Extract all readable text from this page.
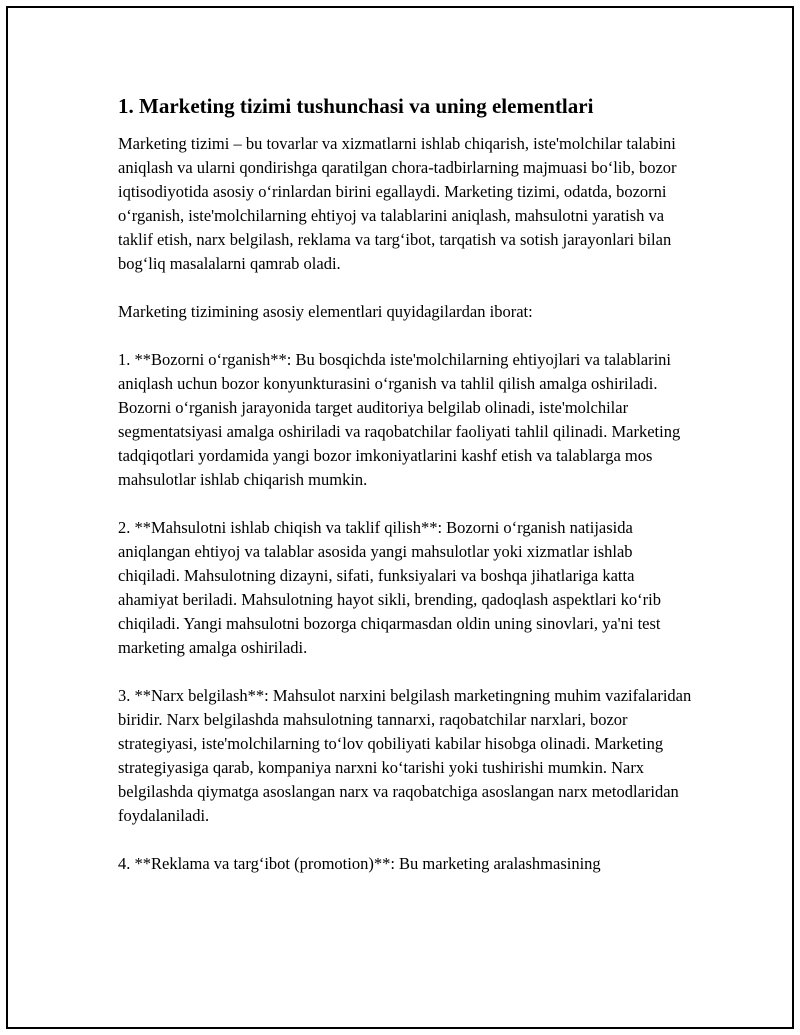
1. Marketing tizimi tushunchasi va uning elementlari

Marketing tizimi – bu tovarlar va xizmatlarni ishlab chiqarish, iste'molchilar talabini aniqlash va ularni qondirishga qaratilgan chora-tadbirlarning majmuasi boʻlib, bozor iqtisodiyotida asosiy oʻrinlardan birini egallaydi. Marketing tizimi, odatda, bozorni oʻrganish, iste'molchilarning ehtiyoj va talablarini aniqlash, mahsulotni yaratish va taklif etish, narx belgilash, reklama va targʻibot, tarqatish va sotish jarayonlari bilan bogʻliq masalalarni qamrab oladi.

Marketing tizimining asosiy elementlari quyidagilardan iborat:

1. **Bozorni oʻrganish**: Bu bosqichda iste'molchilarning ehtiyojlari va talablarini aniqlash uchun bozor konyunkturasini oʻrganish va tahlil qilish amalga oshiriladi. Bozorni oʻrganish jarayonida target auditoriya belgilab olinadi, iste'molchilar segmentatsiyasi amalga oshiriladi va raqobatchilar faoliyati tahlil qilinadi. Marketing tadqiqotlari yordamida yangi bozor imkoniyatlarini kashf etish va talablarga mos mahsulotlar ishlab chiqarish mumkin.

2. **Mahsulotni ishlab chiqish va taklif qilish**: Bozorni oʻrganish natijasida aniqlangan ehtiyoj va talablar asosida yangi mahsulotlar yoki xizmatlar ishlab chiqiladi. Mahsulotning dizayni, sifati, funksiyalari va boshqa jihatlariga katta ahamiyat beriladi. Mahsulotning hayot sikli, brending, qadoqlash aspektlari koʻrib chiqiladi. Yangi mahsulotni bozorga chiqarmasdan oldin uning sinovlari, ya'ni test marketing amalga oshiriladi.

3. **Narx belgilash**: Mahsulot narxini belgilash marketingning muhim vazifalaridan biridir. Narx belgilashda mahsulotning tannarxi, raqobatchilar narxlari, bozor strategiyasi, iste'molchilarning toʻlov qobiliyati kabilar hisobga olinadi. Marketing strategiyasiga qarab, kompaniya narxni koʻtarishi yoki tushirishi mumkin. Narx belgilashda qiymatga asoslangan narx va raqobatchiga asoslangan narx metodlaridan foydalaniladi.

4. **Reklama va targʻibot (promotion)**: Bu marketing aralashmasining
